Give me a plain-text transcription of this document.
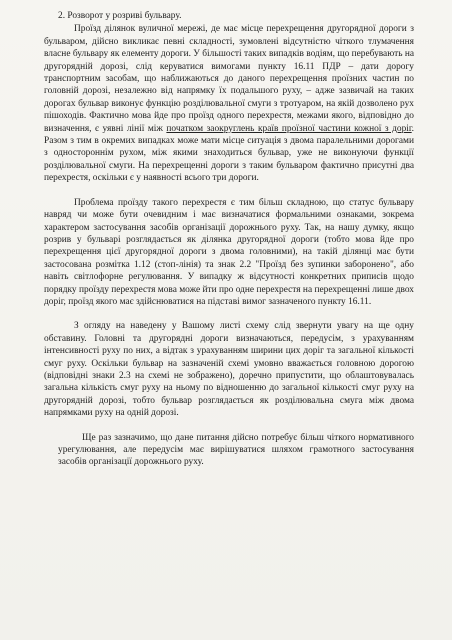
2. Розворот у розриві бульвару.

Проїзд ділянок вуличної мережі, де має місце перехрещення другорядної дороги з бульваром, дійсно викликає певні складності, зумовлені відсутністю чіткого тлумачення власне бульвару як елементу дороги. У більшості таких випадків водіям, що перебувають на другорядній дорозі, слід керуватися вимогами пункту 16.11 ПДР – дати дорогу транспортним засобам, що наближаються до даного перехрещення проїзних частин по головній дорозі, незалежно від напрямку їх подальшого руху, – адже зазвичай на таких дорогах бульвар виконує функцію розділювальної смуги з тротуаром, на якій дозволено рух пішоходів. Фактично мова йде про проїзд одного перехрестя, межами якого, відповідно до визначення, є уявні лінії між початком заокруглень країв проїзної частини кожної з доріг. Разом з тим в окремих випадках може мати місце ситуація з двома паралельними дорогами з одностороннім рухом, між якими знаходиться бульвар, уже не виконуючи функції розділювальної смуги. На перехрещенні дороги з таким бульваром фактично присутні два перехрестя, оскільки є у наявності всього три дороги.

Проблема проїзду такого перехрестя є тим більш складною, що статус бульвару навряд чи може бути очевидним і має визначатися формальними ознаками, зокрема характером застосування засобів організації дорожнього руху. Так, на нашу думку, якщо розрив у бульварі розглядається як ділянка другорядної дороги (тобто мова йде про перехрещення цієї другорядної дороги з двома головними), на такій ділянці має бути застосована розмітка 1.12 (стоп-лінія) та знак 2.2 "Проїзд без зупинки заборонено", або навіть світлофорне регулювання. У випадку ж відсутності конкретних приписів щодо порядку проїзду перехрестя мова може йти про одне перехрестя на перехрещенні лише двох доріг, проїзд якого має здійснюватися на підставі вимог зазначеного пункту 16.11.

З огляду на наведену у Вашому листі схему слід звернути увагу на ще одну обставину. Головні та другорядні дороги визначаються, передусім, з урахуванням інтенсивності руху по них, а відтак з урахуванням ширини цих доріг та загальної кількості смуг руху. Оскільки бульвар на зазначеній схемі умовно вважається головною дорогою (відповідні знаки 2.3 на схемі не зображено), доречно припустити, що облаштовувалась загальна кількість смуг руху на ньому по відношенню до загальної кількості смуг руху на другорядній дорозі, тобто бульвар розглядається як розділювальна смуга між двома напрямками руху на одній дорозі.

Ще раз зазначимо, що дане питання дійсно потребує більш чіткого нормативного урегулювання, але передусім має вирішуватися шляхом грамотного застосування засобів організації дорожнього руху.
